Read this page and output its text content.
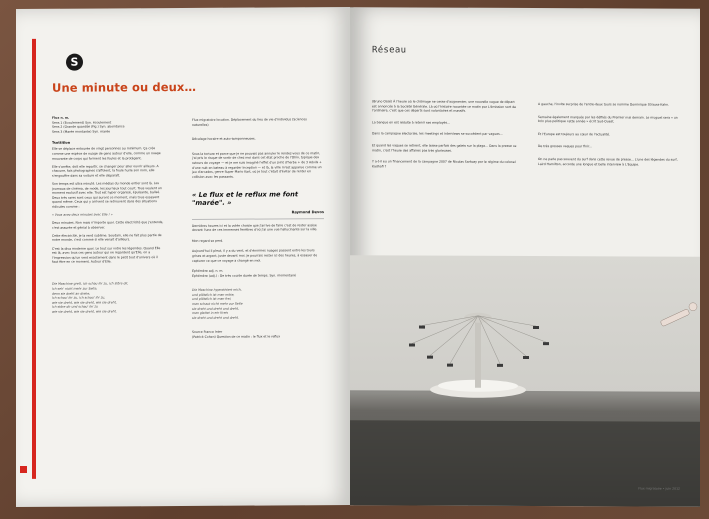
S
Une minute ou deux…

Flux n. m.

Sens 1 (Ecoulement) Syn. écoulement

Sens 2 (Grande quantité (Fig.) Syn. abondance

Sens 3 (Marée montante) Syn. marée

Tsottitlon

Elle se déplace entourée de vingt personnes au minimum. Ça crée comme une espèce de nuage de gens autour d'elle, comme un nuage mouvante de corps qui forment les foules et la protègent.

Elle s'arrête, doit elle repartir, se changer pour aller ouvrir ailleurs. A chacune, fais photographes s'affolent, la foule hurle son nom, elle s'engouffre dans sa voiture et elle disparaît.

Son temps est ultra minuté. Les médias du monde entier sont là. Les journaux de cinéma, de mode, les journaux tout court. Tous veulent un moment exclusif avec elle. Tout est hyper organisé, épuisante, balisé. Deux très rares sont ceux qui auront ce moment, mais tous essayent quand même. Ceux qui y arrivent se retrouvent dans des situations ridicules comme :

« Vous avez deux minutes avec Elle ! »

Deux minutes. Non mais n'importe quoi. Cette électricité que j'entends, c'est assurée et génial à observer.

Cette électricité, je la rend sublime. Soudain, elle ne fait plus partie de notre monde, c'est comme si elle venait d'ailleurs.

C'est la diva moderne quoi. Le tout sur votre les légendes. Quand Elle est là, avec tous ces gens autour qui ne regardent qu'Elle, on a l'impression qu'un vent exactement dans le petit tout d'univers où il faut être en ce moment. Autour d'Elle.

Die Maschine grelt, ich schau ihr zu, ich störe dir,

Ich seh' nicht mehr zur Seite,

denn sie dreht an drehe,

Ich schau' ihr zu, ich schau' ihr zu,

wie sie dreht, wie sie dreht, wie sie dreht,

Ich störe dir und schau' ihr zu

wie sie dreht, wie sie dreht, wie sie dreht.

Flux migratoire locution. Déplacement du lieu de vie d'individus (Sciences naturelles)

Décalage horaire et auto-tamponneuses.

Sous la torture et parce que je ne pouvais pas annuler le rendez-vous de ce matin, j'ai pris le risque de sortir de chez moi dans cet état proche de l'Ohio, typique des retours de voyage — et je me suis imaginé l'effet d'un joint d'herbe + de 3 Advils + d'une nuit en bateau à regarder Inception — et là, la ville m'est apparue comme un jeu d'arcades, genre Super Mario Kart, où je tout c'était d'éviter de renter en collision avec les passants.

« Le flux et le reflux me font "marée". »

Raymond Devos

Dernières heures ici et la volée choisie que j'arrive de faire c'est de rester assise devant l'une de ces immenses fenêtres d'où j'ai une vue hallucinante sur la ville.

Mon regard se perd.

Aujourd'hui il pleut, il y a du vent, et d'énormes nuages passent entre les tours grises et argent, juste devant moi. Je pourrais rester ici des heures, à essayer de capturer ce que ce voyage a changé en moi.

Éphémère adj. n. m.

Éphémère (adj.) : De très courte durée de temps. Syn. momentané

Die Maschine hypnotisiert mich,

und plötzlich ist man mitte,

und plötzlich ist man frei,

man schaut nicht mehr zur Seite

sie dreht und dreht und dreht,

man gleitet in ein Kreis

sie dreht und dreht und dreht.

Source France Inter

(Patrick Cohen) Question de ce matin : le flux et le reflux

Réseau

(Bruno Ossé) À l'heure où le chômage ne cesse d'augmenter, une nouvelle vague de départ est annoncée à la Société Générale. Là où l'histoire racontée ce matin par L'émission sort de l'ordinaire, c'est que ces départs sont volontaires et massifs.

La banque en est réduite à retenir ses employés...

Dans la campagne électorale, les meetings et interviews se succèdent par vagues...

Et quand les vagues se retirent, elle laisse parfois des galets sur la plage... Dans la presse ce matin, c'est l'heure des affaires pas très glorieuses.

Y a-t-il eu un financement de la campagne 2007 de Nicolas Sarkozy par le régime du colonel Kadhafi ?

A gauche, l'invite surprise de l'entre-deux tours se nomme Dominique Strauss-Kahn.

Semaine également marquée par les défilés du Premier mai demain. Le muguet sera « un brin plus politique cette année » écrit Sud-Ouest.

Et l'Europe est toujours au cœur de l'actualité.

De très grosses vagues pour finir...

On ne parle pas souvent du surf dans cette revue de presse... L'une des légendes du surf, Laird Hamilton, accorde une longue et belle interview à L'Equipe.

Flux migratoire • juin 2012
